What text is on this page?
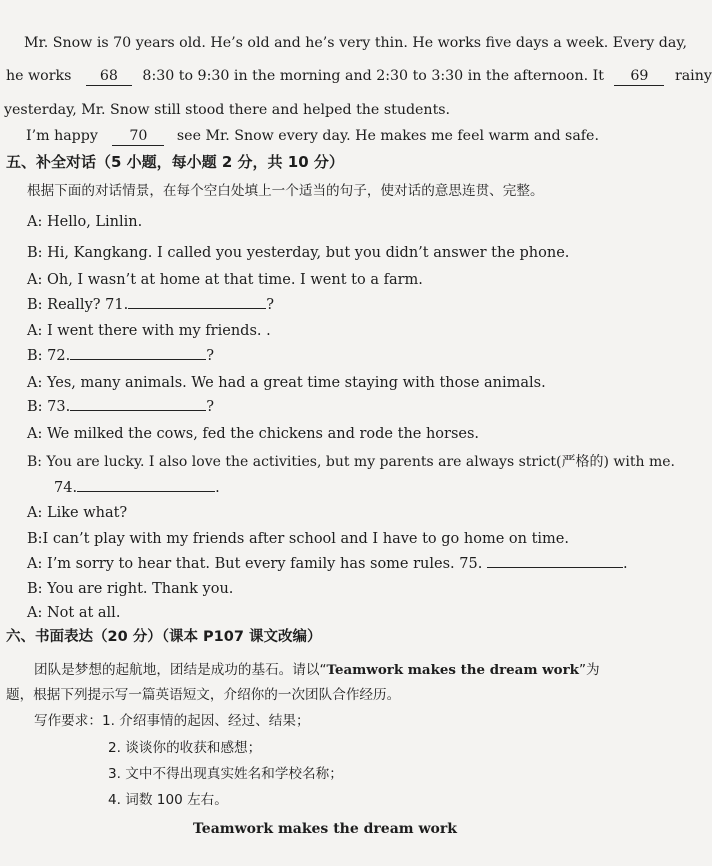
Mr. Snow is 70 years old. He’s old and he’s very thin. He works five days a week. Every day,
he works 68 8:30 to 9:30 in the morning and 2:30 to 3:30 in the afternoon. It 69 rainy
yesterday, Mr. Snow still stood there and helped the students.
I’m happy 70 see Mr. Snow every day. He makes me feel warm and safe.
五、补全对话（5 小题，每小题 2 分，共 10 分）
根据下面的对话情景，在每个空白处填上一个适当的句子，使对话的意思连贯、完整。
A: Hello, Linlin.
B: Hi, Kangkang. I called you yesterday, but you didn’t answer the phone.
A: Oh, I wasn’t at home at that time. I went to a farm.
B: Really? 71.	?
A: I went there with my friends. .
B: 72.	?
A: Yes, many animals. We had a great time staying with those animals.
B: 73.	?
A: We milked the cows, fed the chickens and rode the horses.
B: You are lucky. I also love the activities, but my parents are always strict(严格的) with me.
74.	.
A: Like what?
B:I can’t play with my friends after school and I have to go home on time.
A: I’m sorry to hear that. But every family has some rules. 75.	.
B: You are right. Thank you.
A: Not at all.
六、书面表达（20 分）（课本 P107 课文改编）
团队是梦想的起航地，团结是成功的基石。请以“Teamwork makes the dream work”为
题，根据下列提示写一篇英语短文，介绍你的一次团队合作经历。
写作要求：1. 介绍事情的起因、经过、结果；
2. 谈谈你的收获和感想；
3. 文中不得出现真实姓名和学校名称；
4. 词数 100 左右。
Teamwork makes the dream work
